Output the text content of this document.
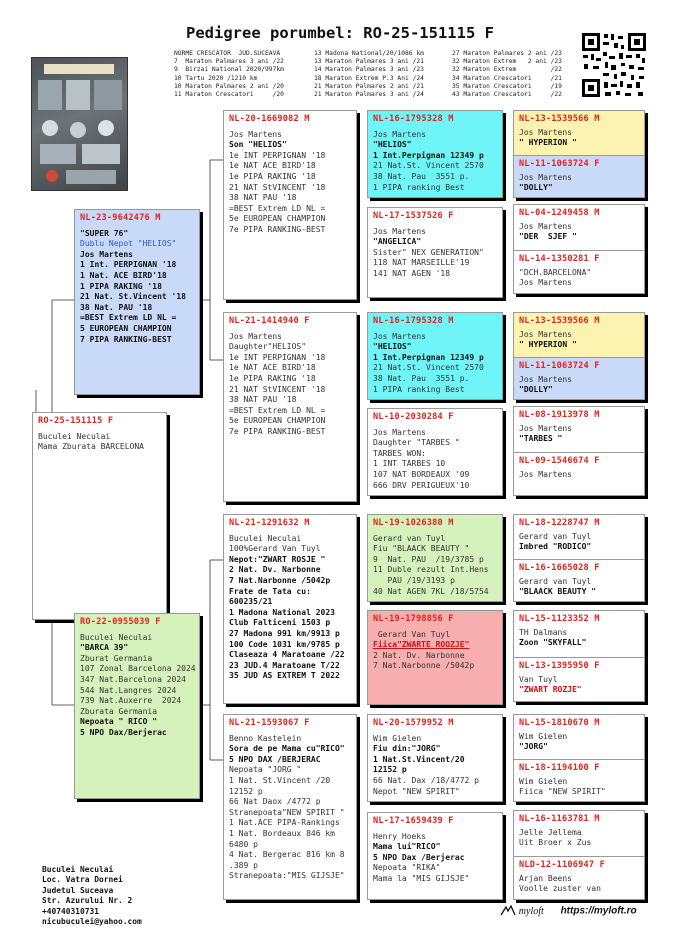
Pedigree porumbel: RO-25-151115 F
NORME CRESCATOR  JUD.SUCEAVA
7  Maraton Palmares 3 ani /22
9  Birzai National 2020/997km
10 Tartu 2020 /1210 km
10 Maraton Palmares 2 ani /20
11 Maraton Crescatori     /20
13 Madona National/20/1086 km
13 Maraton Palmares 3 ani /21
14 Maraton Palmares 3 ani /23
18 Maraton Extrem P.3 Ani /24
21 Maraton Palmares 2 ani /21
21 Maraton Palmares 3 ani /24
27 Maraton Palmares 2 ani /23
32 Maraton Extrem   2 ani /23
32 Maraton Extrem         /22
34 Maraton Crescatori     /21
35 Maraton Crescatori     /19
43 Maraton Crescatori     /22
RO-25-151115 F
Buculei Neculai
Mama Zburata BARCELONA
NL-23-9642476 M
"SUPER 76"
Dublu Nepot "HELIOS"
Jos Martens
1 Int. PERPIGNAN '18
1 Nat. ACE BIRD'18
1 PIPA RAKING '18
21 Nat. St.Vincent '18
38 Nat. PAU '18
=BEST Extrem LD NL =
5 EUROPEAN CHAMPION
7 PIPA RANKING-BEST
RO-22-0955039 F
Buculei Neculai
"BARCA 39"
Zburat Germania
107 Zonal Barcelona 2024
347 Nat.Barcelona 2024
544 Nat.Langres 2024
739 Nat.Auxerre  2024
Zburata Germania
Nepoata " RICO "
5 NPO Dax/Berjerac
NL-20-1669082 M
Jos Martens
Son "HELIOS"
1e INT PERPIGNAN '18
1e NAT ACE BIRD'18
1e PIPA RAKING '18
21 NAT StVINCENT '18
38 NAT PAU '18
=BEST Extrem LD NL =
5e EUROPEAN CHAMPION
7e PIPA RANKING-BEST
NL-21-1414940 F
Jos Martens
Daughter"HELIOS"
1e INT PERPIGNAN '18
1e NAT ACE BIRD'18
1e PIPA RAKING '18
21 NAT StVINCENT '18
38 NAT PAU '18
=BEST Extrem LD NL =
5e EUROPEAN CHAMPION
7e PIPA RANKING-BEST
NL-21-1291632 M
Buculei Neculai
100%Gerard Van Tuyl
Nepot:"ZWART ROSJE "
2 Nat. Dv. Narbonne
7 Nat.Narbonne /5042p
Frate de Tata cu:
600235/21
1 Madona National 2023
Club Falticeni 1503 p
27 Madona 991 km/9913 p
100 Code 1031 km/9785 p
Claseaza 4 Maratoane /22
23 JUD.4 Maratoane T/22
35 JUD AS EXTREM T 2022
NL-21-1593067 F
Benno Kastelein
Sora de pe Mama cu"RICO"
5 NPO DAX /BERJERAC
Nepoata "JORG "
1 Nat. St.Vincent /20
12152 p
66 Nat Daox /4772 p
Stranepoata"NEW SPIRIT "
1 Nat.ACE PIPA-Rankings
1 Nat. Bordeaux 846 km
6480 p
4 Nat. Bergerac 816 km 8
.389 p
Stranepoata:"MIS GIJSJE"
NL-16-1795328 M
Jos Martens
"HELIOS"
1 Int.Perpignan 12349 p
21 Nat.St. Vincent 2570
38 Nat. Pau  3551 p.
1 PIPA ranking Best
NL-17-1537526 F
Jos Martens
"ANGELICA"
Sister" NEX GENERATION"
118 NAT MARSEILLE'19
141 NAT AGEN '18
NL-16-1795328 M
Jos Martens
"HELIOS"
1 Int.Perpignan 12349 p
21 Nat.St. Vincent 2570
38 Nat. Pau  3551 p.
1 PIPA ranking Best
NL-10-2030284 F
Jos Martens
Daughter "TARBES "
TARBES WON:
1 INT TARBES 10
107 NAT BORDEAUX '09
666 DRV PERIGUEUX'10
NL-19-1026380 M
Gerard van Tuyl
Fiu "BLAACK BEAUTY "
9  Nat. PAU  /19/3785 p
11 Duble rezult Int.Hens
PAU /19/3193 p
40 Nat AGEN 7KL /18/5754
NL-19-1798856 F
Gerard Van Tuyl
Fiica"ZWARTE ROOZJE"
2 Nat. Dv. Narbonne
7 Nat.Narbonne /5042p
NL-20-1579952 M
Wim Gielen
Fiu din:"JORG"
1 Nat.St.Vincent/20
12152 p
66 Nat. Dax /18/4772 p
Nepot "NEW SPIRIT"
NL-17-1659439 F
Henry Hoeks
Mama lui"RICO"
5 NPO Dax /Berjerac
Nepoata "RIKA"
Mama la "MIS GIJSJE"
NL-13-1539566 M
Jos Martens
" HYPERION "
NL-11-1063724 F
Jos Martens
"DOLLY"
NL-04-1249458 M
Jos Martens
"DER  SJEF "
NL-14-1350281 F
"DCH.BARCELONA"
Jos Martens
NL-13-1539566 M
Jos Martens
" HYPERION "
NL-11-1063724 F
Jos Martens
"DOLLY"
NL-08-1913978 M
Jos Martens
"TARBES "
NL-09-1546674 F
Jos Martens
NL-18-1228747 M
Gerard van Tuyl
Imbred "RODICO"
NL-16-1665028 F
Gerard van Tuyl
"BLAACK BEAUTY "
NL-15-1123352 M
TH Dalmans
Zoon "SKYFALL"
NL-13-1395950 F
Van Tuyl
"ZWART ROZJE"
NL-15-1810670 M
Wim Gielen
"JORG"
NL-18-1194100 F
Wim Gielen
Fiica "NEW SPIRIT"
NL-16-1163781 M
Jelle Jellema
Uit Broer x Zus
NLD-12-1106947 F
Arjan Beens
Voolle zuster van
Buculei Neculai
Loc. Vatra Dornei
Judetul Suceava
Str. Azurului Nr. 2
+40740310731
nicubuculei@yahoo.com
myloft https://myloft.ro
